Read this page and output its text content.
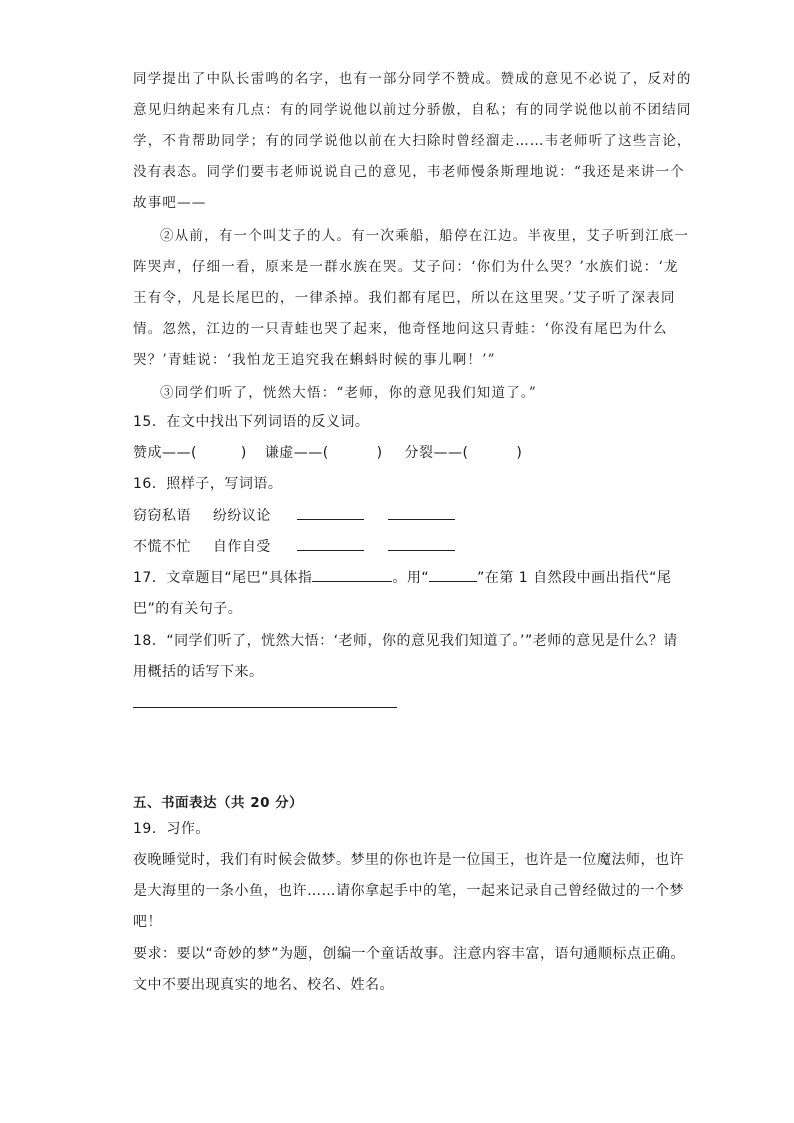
同学提出了中队长雷鸣的名字，也有一部分同学不赞成。赞成的意见不必说了，反对的
意见归纳起来有几点：有的同学说他以前过分骄傲，自私；有的同学说他以前不团结同
学，不肯帮助同学；有的同学说他以前在大扫除时曾经溜走……韦老师听了这些言论，
没有表态。同学们要韦老师说说自己的意见，韦老师慢条斯理地说：“我还是来讲一个
故事吧——
②从前，有一个叫艾子的人。有一次乘船，船停在江边。半夜里，艾子听到江底一
阵哭声，仔细一看，原来是一群水族在哭。艾子问：‘你们为什么哭？’水族们说：‘龙
王有令，凡是长尾巴的，一律杀掉。我们都有尾巴，所以在这里哭。’艾子听了深表同
情。忽然，江边的一只青蛙也哭了起来，他奇怪地问这只青蛙：‘你没有尾巴为什么
哭？’青蛙说：‘我怕龙王追究我在蝌蚪时候的事儿啊！’”
③同学们听了，恍然大悟：“老师，你的意见我们知道了。”
15．在文中找出下列词语的反义词。
赞成——(	) 谦虚——(	) 分裂——(	)
16．照样子，写词语。
窃窃私语 纷纷议论
不慌不忙 自作自受
17．文章题目“尾巴”具体指	。用“	”在第 1 自然段中画出指代“尾
巴”的有关句子。
18．“同学们听了，恍然大悟：‘老师，你的意见我们知道了。’”老师的意见是什么？请
用概括的话写下来。
五、书面表达（共 20 分）
19．习作。
夜晚睡觉时，我们有时候会做梦。梦里的你也许是一位国王，也许是一位魔法师，也许
是大海里的一条小鱼，也许……请你拿起手中的笔，一起来记录自己曾经做过的一个梦
吧！
要求：要以“奇妙的梦”为题，创编一个童话故事。注意内容丰富，语句通顺标点正确。
文中不要出现真实的地名、校名、姓名。
